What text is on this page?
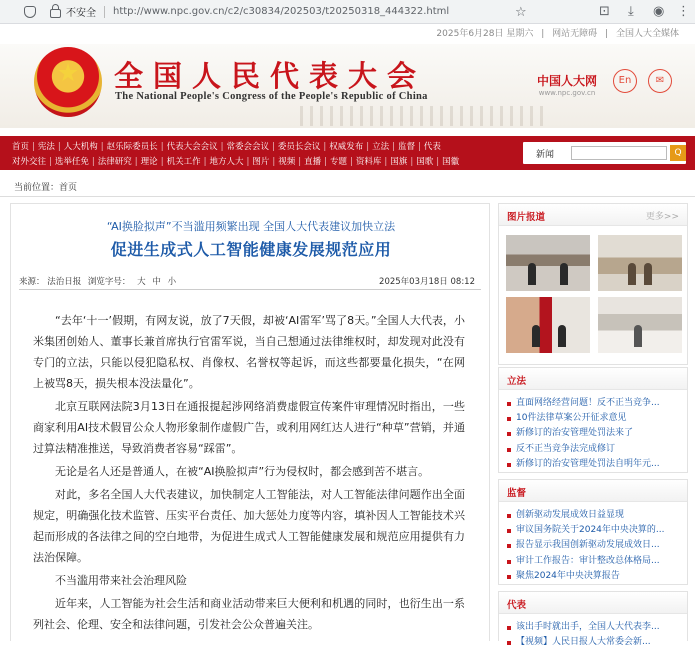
不安全 http://www.npc.gov.cn/c2/c30834/202503/t20250318_444322.html	☆	⊡ ⤓ ◉ ⋮
2025年6月28日 星期六 | 网站无障碍 | 全国人大全媒体
全国人民代表大会
The National People's Congress of the People's Republic of China
中国人大网
www.npc.gov.cn
En	✉
首页 | 宪法 | 人大机构 | 赵乐际委员长 | 代表大会会议 | 常委会会议 | 委员长会议 | 权威发布 | 立法 | 监督 | 代表
对外交往 | 选举任免 | 法律研究 | 理论 | 机关工作 | 地方人大 | 图片 | 视频 | 直播 | 专题 | 资料库 | 国旗 | 国歌 | 国徽
新闻	Q
当前位置：首页
“AI换脸拟声”不当滥用频繁出现 全国人大代表建议加快立法
促进生成式人工智能健康发展规范应用
来源： 法治日报 浏览字号： 大 中 小	2025年03月18日 08:12

“去年‘十一’假期，有网友说，放了7天假，却被‘AI雷军’骂了8天。”全国人大代表，小米集团创始人、董事长兼首席执行官雷军说，当自己想通过法律维权时，却发现对此没有专门的立法，只能以侵犯隐私权、肖像权、名誉权等起诉，而这些都要量化损失，“在网上被骂8天，损失根本没法量化”。

北京互联网法院3月13日在通报提起涉网络消费虚假宣传案件审理情况时指出，一些商家利用AI技术假冒公众人物形象制作虚假广告，或利用网红达人进行“种草”营销，并通过算法精准推送，导致消费者容易“踩雷”。

无论是名人还是普通人，在被“AI换脸拟声”行为侵权时，都会感到苦不堪言。

对此，多名全国人大代表建议，加快制定人工智能法，对人工智能法律问题作出全面规定，明确强化技术监管、压实平台责任、加大惩处力度等内容，填补因人工智能技术兴起而形成的各法律之间的空白地带，为促进生成式人工智能健康发展和规范应用提供有力法治保障。

不当滥用带来社会治理风险

近年来，人工智能为社会生活和商业活动带来巨大便利和机遇的同时，也衍生出一系列社会、伦理、安全和法律问题，引发社会公众普遍关注。

图片报道	更多>>
立法
直面网络经营问题！反不正当竞争...
10件法律草案公开征求意见
新修订的治安管理处罚法来了
反不正当竞争法完成修订
新修订的治安管理处罚法自明年元...
监督
创新驱动发展成效日益显现
审议国务院关于2024年中央决算的...
报告显示我国创新驱动发展成效日...
审计工作报告：审计整改总体格局...
聚焦2024年中央决算报告
代表
该出手时就出手，全国人大代表李...
【视频】人民日报人大常委会新...
